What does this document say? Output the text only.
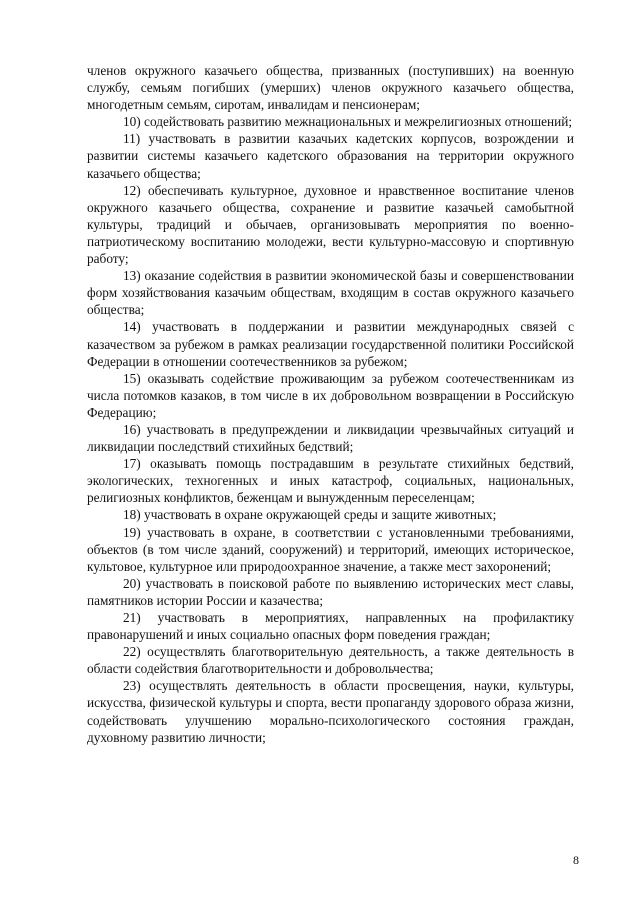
членов окружного казачьего общества, призванных (поступивших) на военную службу, семьям погибших (умерших) членов окружного казачьего общества, многодетным семьям, сиротам, инвалидам и пенсионерам;

10) содействовать развитию межнациональных и межрелигиозных отношений;

11) участвовать в развитии казачьих кадетских корпусов, возрождении и развитии системы казачьего кадетского образования на территории окружного казачьего общества;

12) обеспечивать культурное, духовное и нравственное воспитание членов окружного казачьего общества, сохранение и развитие казачьей самобытной культуры, традиций и обычаев, организовывать мероприятия по военно-патриотическому воспитанию молодежи, вести культурно-массовую и спортивную работу;

13) оказание содействия в развитии экономической базы и совершенствовании форм хозяйствования казачьим обществам, входящим в состав окружного казачьего общества;

14) участвовать в поддержании и развитии международных связей с казачеством за рубежом в рамках реализации государственной политики Российской Федерации в отношении соотечественников за рубежом;

15) оказывать содействие проживающим за рубежом соотечественникам из числа потомков казаков, в том числе в их добровольном возвращении в Российскую Федерацию;

16) участвовать в предупреждении и ликвидации чрезвычайных ситуаций и ликвидации последствий стихийных бедствий;

17) оказывать помощь пострадавшим в результате стихийных бедствий, экологических, техногенных и иных катастроф, социальных, национальных, религиозных конфликтов, беженцам и вынужденным переселенцам;

18) участвовать в охране окружающей среды и защите животных;

19) участвовать в охране, в соответствии с установленными требованиями, объектов (в том числе зданий, сооружений) и территорий, имеющих историческое, культовое, культурное или природоохранное значение, а также мест захоронений;

20) участвовать в поисковой работе по выявлению исторических мест славы, памятников истории России и казачества;

21) участвовать в мероприятиях, направленных на профилактику правонарушений и иных социально опасных форм поведения граждан;

22) осуществлять благотворительную деятельность, а также деятельность в области содействия благотворительности и добровольчества;

23) осуществлять деятельность в области просвещения, науки, культуры, искусства, физической культуры и спорта, вести пропаганду здорового образа жизни, содействовать улучшению морально-психологического состояния граждан, духовному развитию личности;

8
